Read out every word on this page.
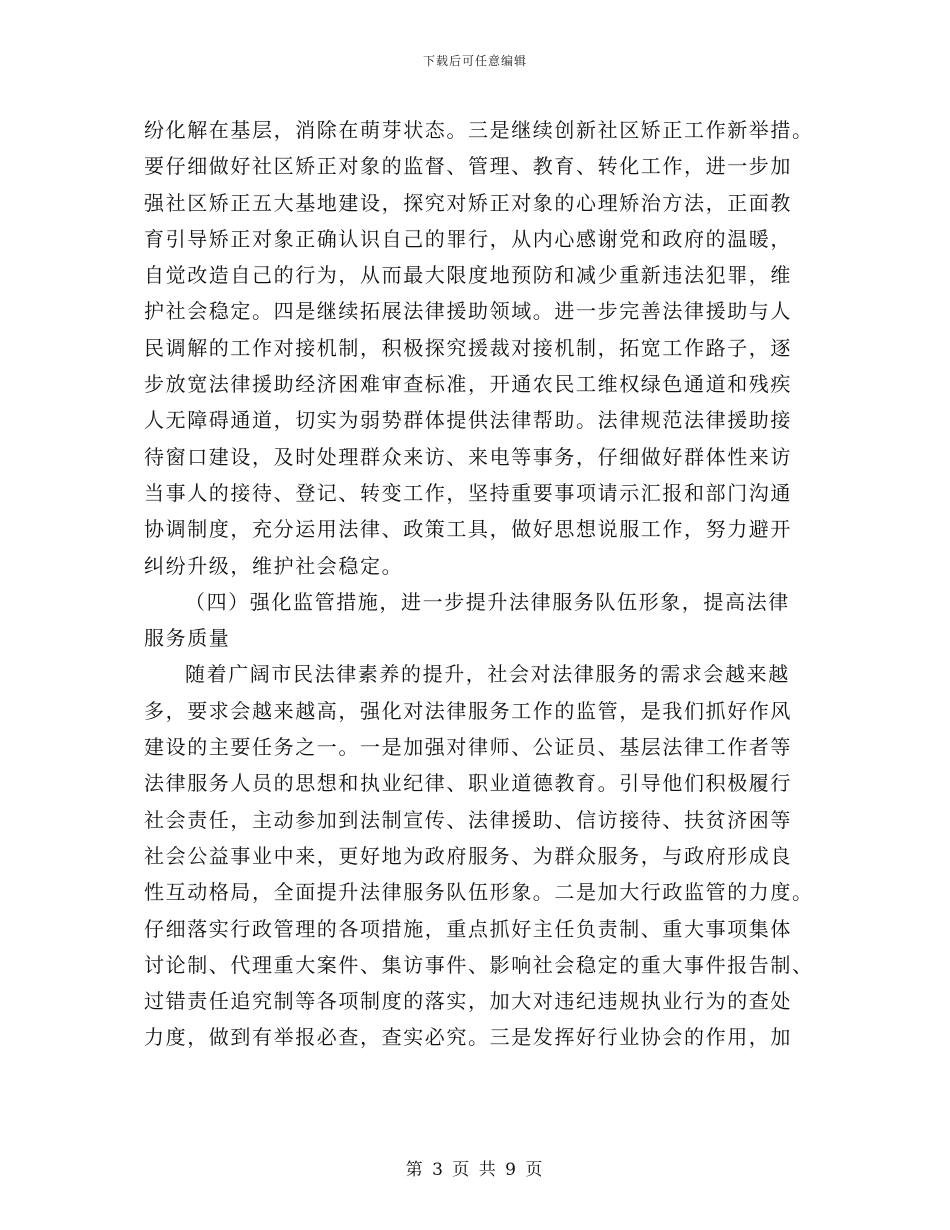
下载后可任意编辑
纷化解在基层，消除在萌芽状态。三是继续创新社区矫正工作新举措。
要仔细做好社区矫正对象的监督、管理、教育、转化工作，进一步加
强社区矫正五大基地建设，探究对矫正对象的心理矫治方法，正面教
育引导矫正对象正确认识自己的罪行，从内心感谢党和政府的温暖，
自觉改造自己的行为，从而最大限度地预防和减少重新违法犯罪，维
护社会稳定。四是继续拓展法律援助领域。进一步完善法律援助与人
民调解的工作对接机制，积极探究援裁对接机制，拓宽工作路子，逐
步放宽法律援助经济困难审查标准，开通农民工维权绿色通道和残疾
人无障碍通道，切实为弱势群体提供法律帮助。法律规范法律援助接
待窗口建设，及时处理群众来访、来电等事务，仔细做好群体性来访
当事人的接待、登记、转变工作，坚持重要事项请示汇报和部门沟通
协调制度，充分运用法律、政策工具，做好思想说服工作，努力避开
纠纷升级，维护社会稳定。
（四）强化监管措施，进一步提升法律服务队伍形象，提高法律
服务质量
随着广阔市民法律素养的提升，社会对法律服务的需求会越来越
多，要求会越来越高，强化对法律服务工作的监管，是我们抓好作风
建设的主要任务之一。一是加强对律师、公证员、基层法律工作者等
法律服务人员的思想和执业纪律、职业道德教育。引导他们积极履行
社会责任，主动参加到法制宣传、法律援助、信访接待、扶贫济困等
社会公益事业中来，更好地为政府服务、为群众服务，与政府形成良
性互动格局，全面提升法律服务队伍形象。二是加大行政监管的力度。
仔细落实行政管理的各项措施，重点抓好主任负责制、重大事项集体
讨论制、代理重大案件、集访事件、影响社会稳定的重大事件报告制、
过错责任追究制等各项制度的落实，加大对违纪违规执业行为的查处
力度，做到有举报必查，查实必究。三是发挥好行业协会的作用，加
第 3 页 共 9 页
